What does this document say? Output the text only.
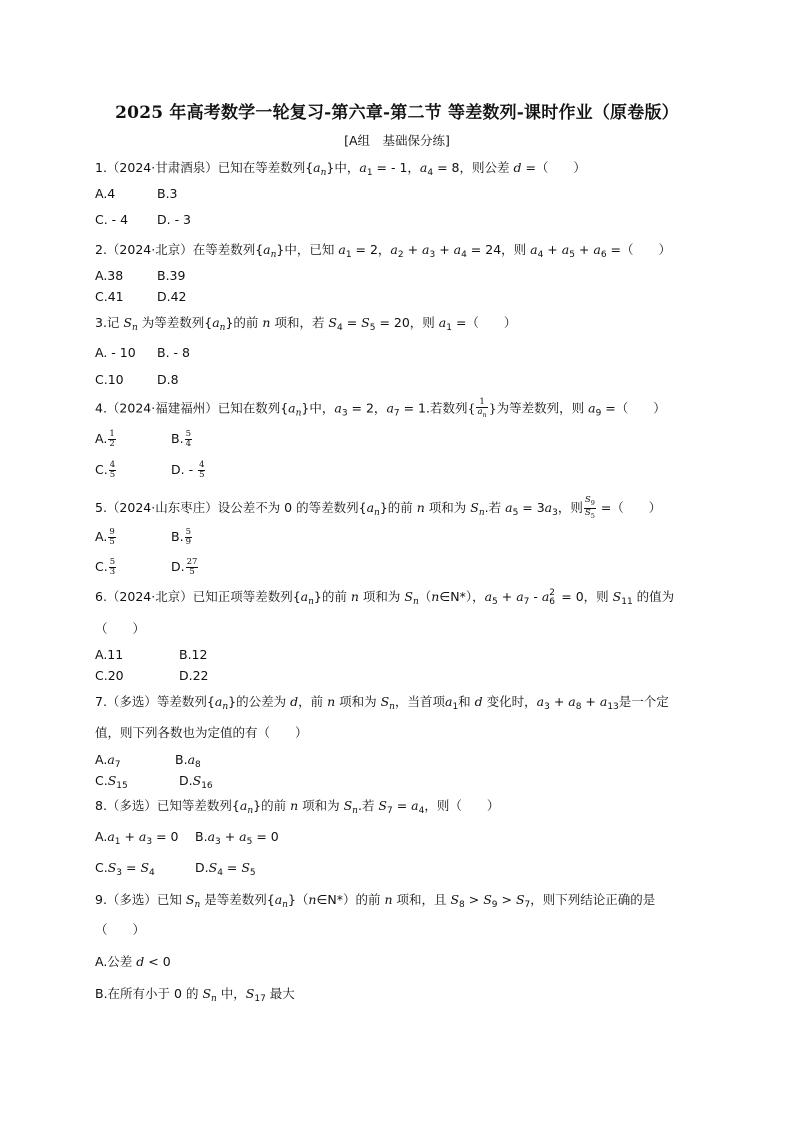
2025 年高考数学一轮复习-第六章-第二节 等差数列-课时作业（原卷版）
[A组　基础保分练]
1.（2024·甘肃酒泉）已知在等差数列$\{a_n\}$中，$a_1$ = - 1，$a_4 = 8$，则公差 d =（　　）
A.4	B.3
C. - 4 D. - 3
2.（2024·北京）在等差数列$\{a_n\}$中，已知 $a_1 = 2$，$a_2 + a_3 + a_4 = 24$，则 $a_4 + a_5 + a_6$ =（　　）
A.38	B.39
C.41	D.42
3.记 $S_n$ 为等差数列$\{a_n\}$的前 n 项和，若 $S_4 = S_5 = 20$，则 $a_1$ =（　　）
A. - 10 B. - 8
C.10	D.8
4.（2024·福建福州）已知在数列$\{a_n\}$中，$a_3 = 2$，$a_7 = 1$.若数列{ $\frac{1}{a_n}$ }为等差数列，则 $a_9$ =（　　）
A. $\frac{1}{2}$	B. $\frac{5}{4}$
C. $\frac{4}{5}$	D. - $\frac{4}{5}$
5.（2024·山东枣庄）设公差不为 0 的等差数列$\{a_n\}$的前 n 项和为 $S_n$.若 $a_5 = 3a_3$，则 $\frac{S_9}{S_5}$ =（　　）
A. $\frac{9}{5}$	B. $\frac{5}{9}$
C. $\frac{5}{3}$	D. $\frac{27}{5}$
6.（2024·北京）已知正项等差数列$\{a_n\}$的前 n 项和为 $S_n(n\in N*)$，$a_5 + a_7 - a$ 2
6 = 0，则 $S_{11}$ 的值为
（　　）
A.11	B.12
C.20	D.22
7.（多选）等差数列$\{a_n\}$的公差为 d，前 n 项和为 $S_n$，当首项$a_1$和 d 变化时，$a_3 + a_8 + a_{13}$是一个定
值，则下列各数也为定值的有（　　）
$A.a_7$	$B.a_8$
$C.S_{15}$	$D.S_{16}$
8.（多选）已知等差数列$\{a_n\}$的前 n 项和为 $S_n$.若 $S_7 = a_4$，则（　　）
$A.a_1 + a_3 = 0$ $B.a_3 + a_5 = 0$
$C.S_3 = S_4$	$D.S_4 = S_5$
9.（多选）已知 $S_n$ 是等差数列$\{a_n\}(n\in N*)$的前 n 项和，且 $S_8 > S_9 > S_7$，则下列结论正确的是
（　　）
A.公差 d < 0
B.在所有小于 0 的 $S_n$ 中，$S_{17}$ 最大
